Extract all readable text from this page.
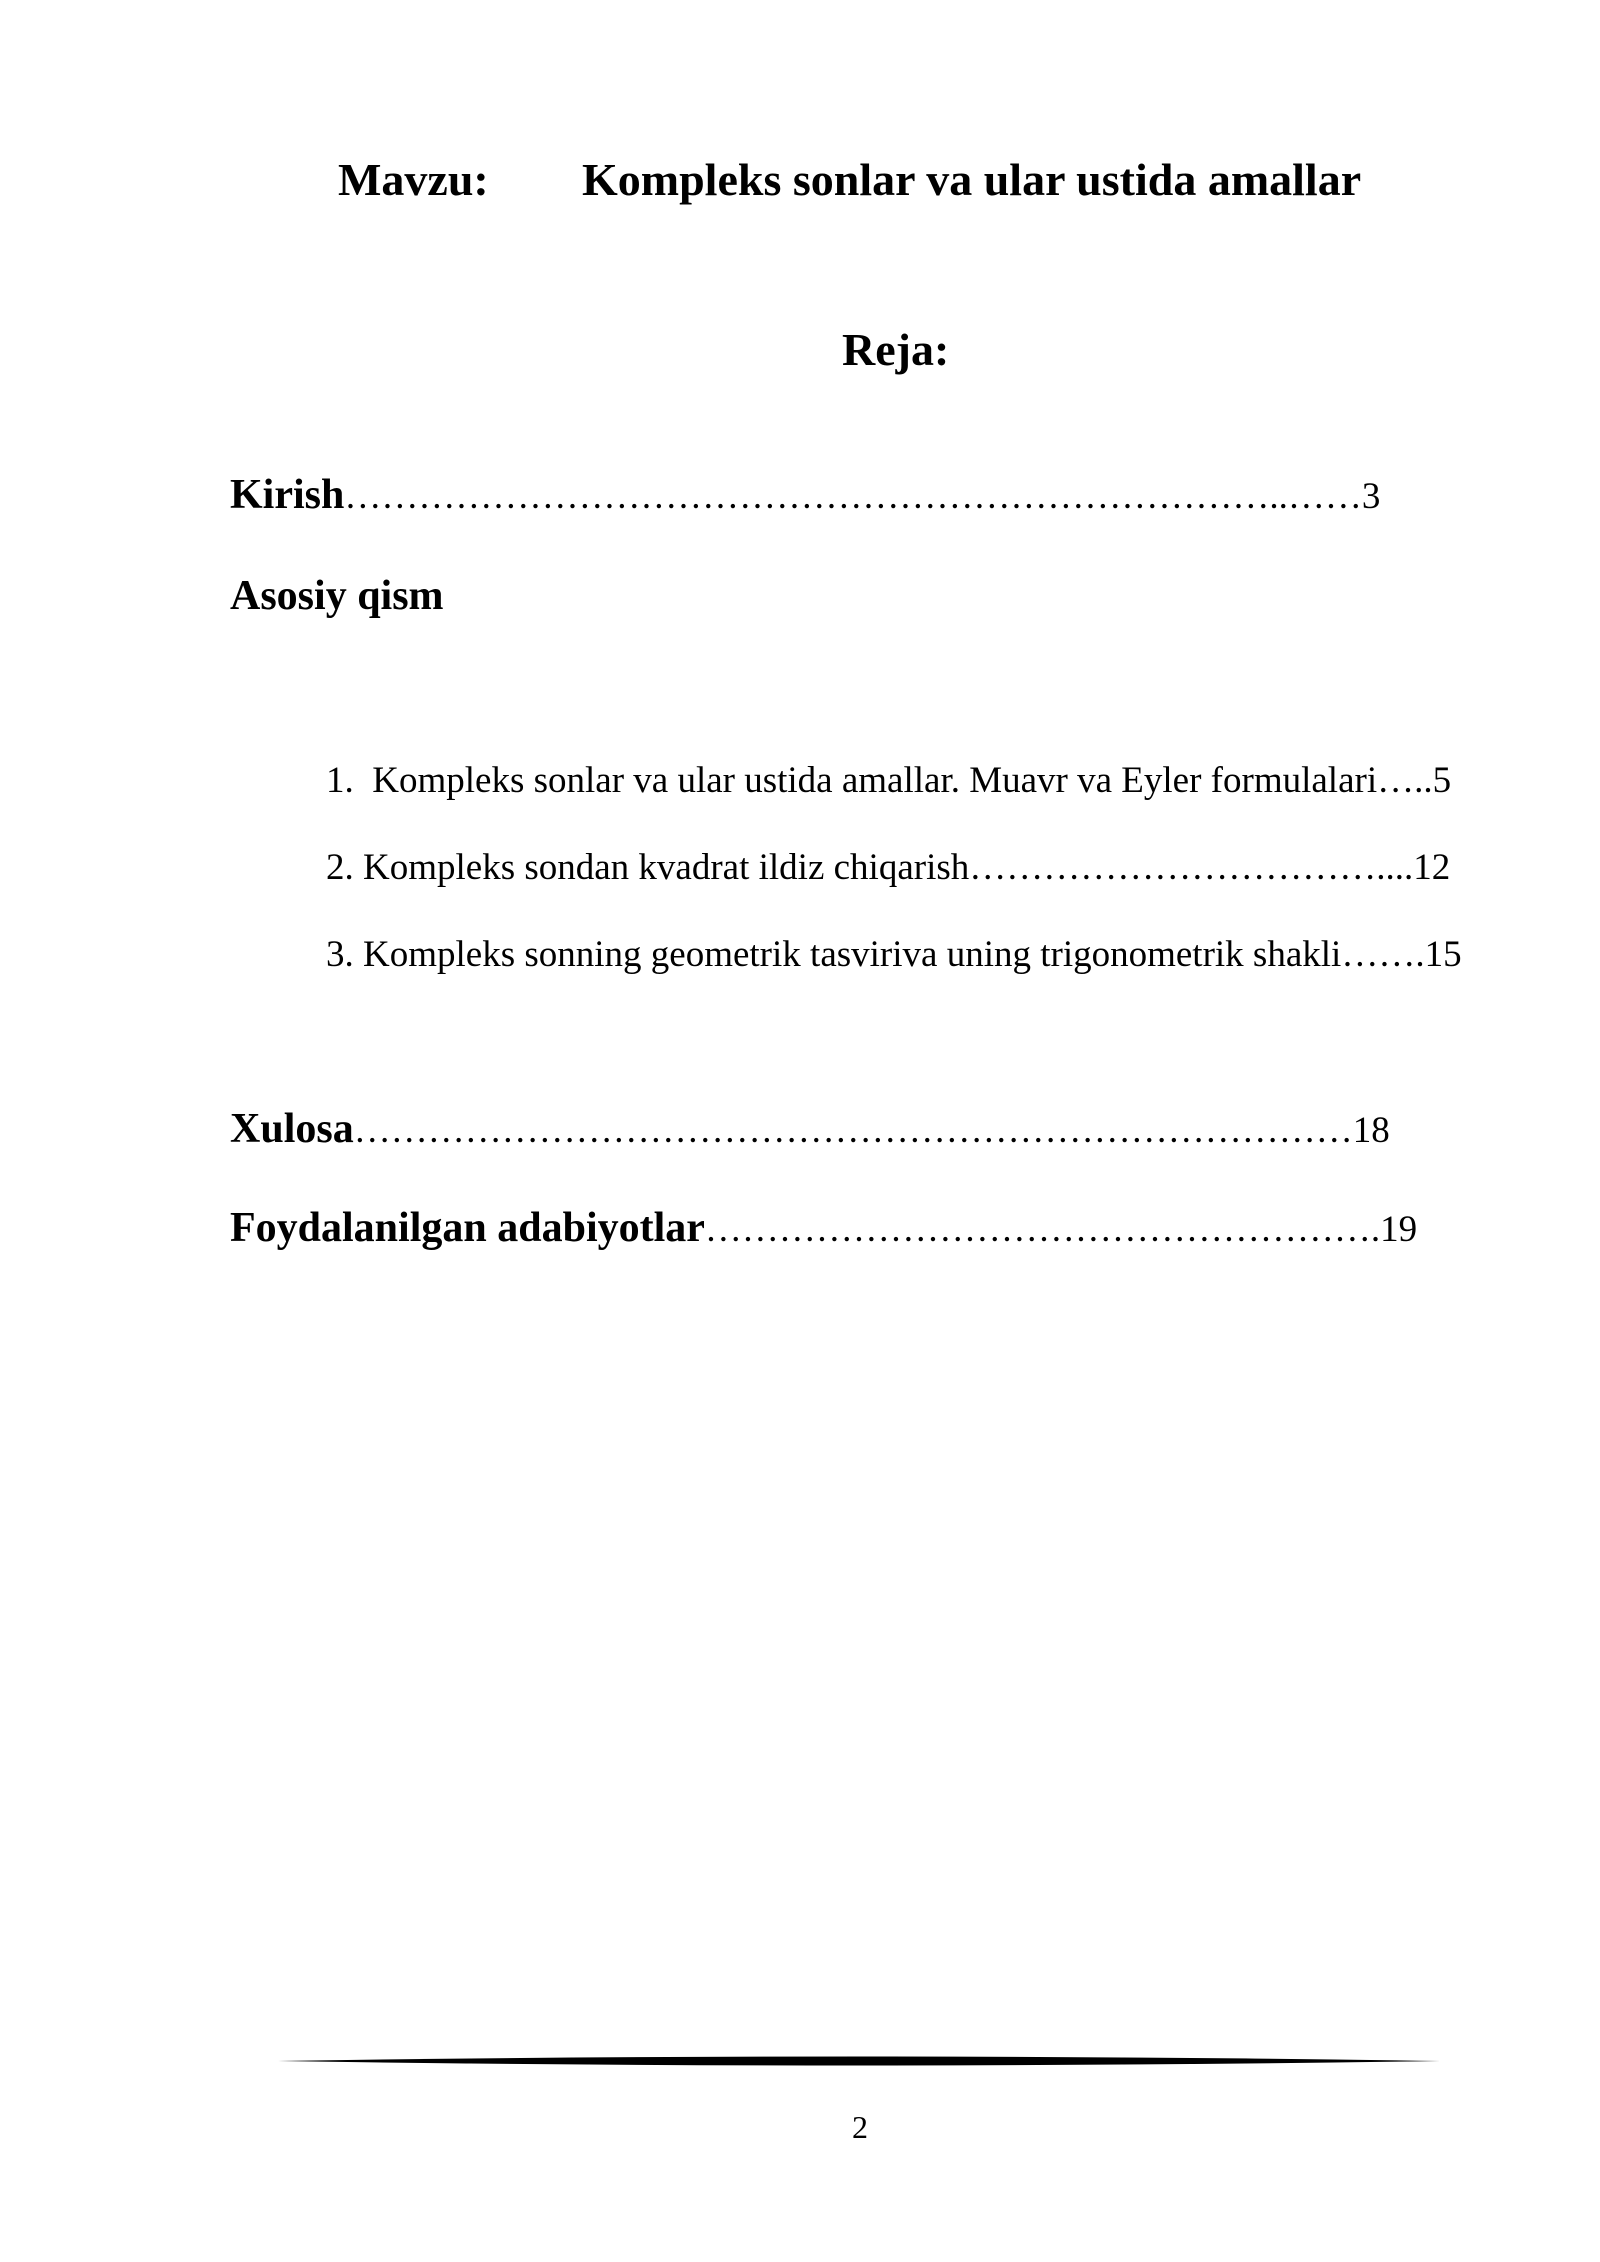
Mavzu: Kompleks sonlar va ular ustida amallar
Reja:
Kirish…………………………………………………………………..……3
Asosiy qism
1. Kompleks sonlar va ular ustida amallar. Muavr va Eyler formulalari…..5
2. Kompleks sondan kvadrat ildiz chiqarish……………………………....12
3. Kompleks sonning geometrik tasviriva uning trigonometrik shakli…….15
Xulosa………………………………………………………………………18
Foydalanilgan adabiyotlar……………………………………………….19
2
